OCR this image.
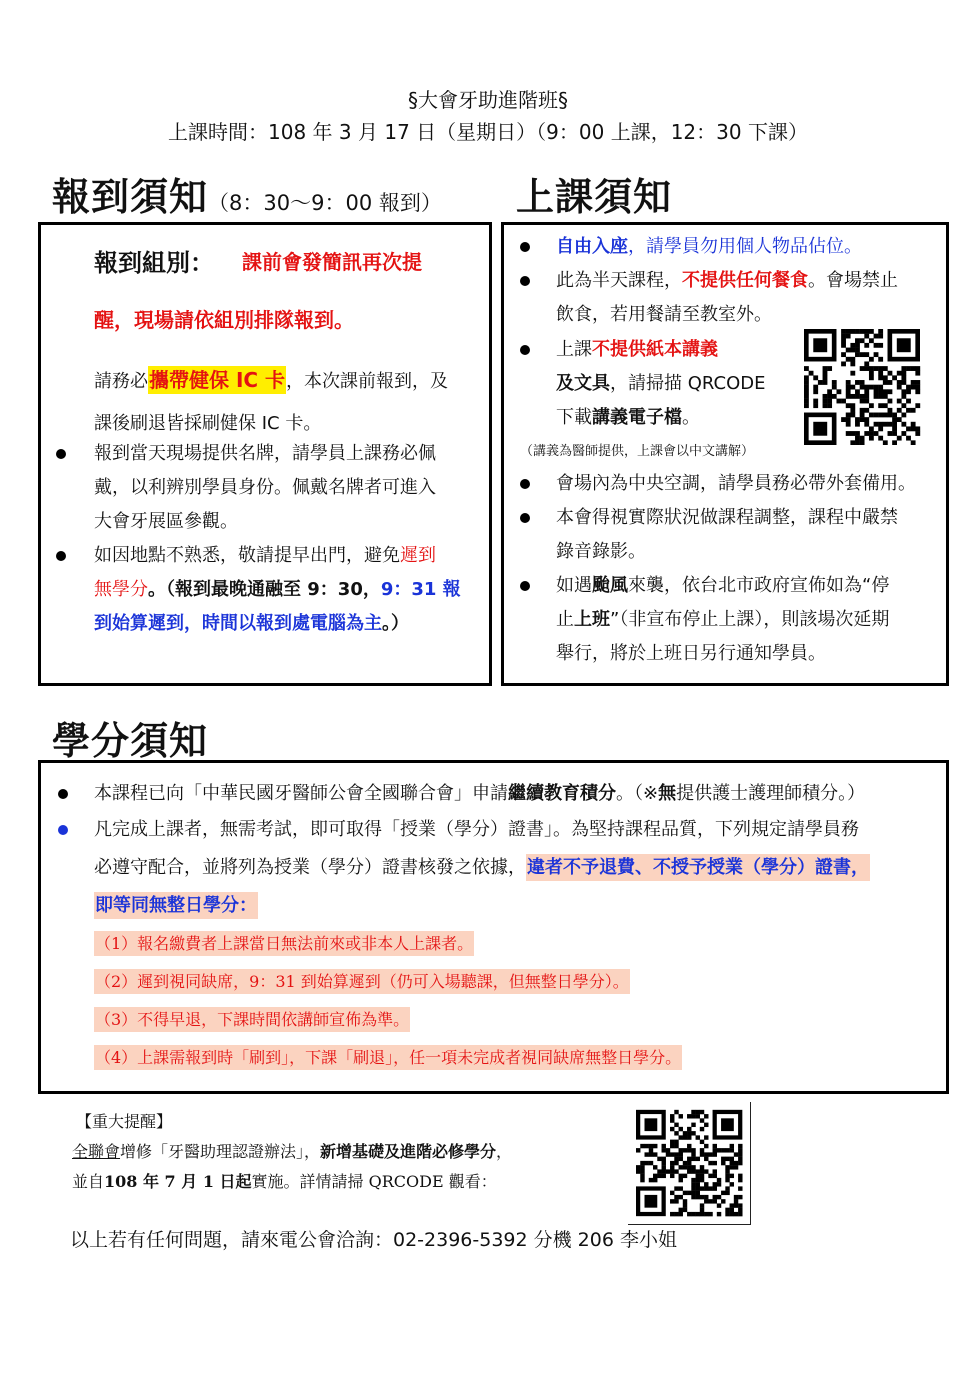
§大會牙助進階班§
上課時間：108 年 3 月 17 日（星期日）（9：00 上課，12：30 下課）
報到須知（8：30〜9：00 報到） 上課須知
報到組別： 課前會發簡訊再次提
醒，現場請依組別排隊報到。
請務必攜帶健保 IC 卡，本次課前報到，及
課後刷退皆採刷健保 IC 卡。
報到當天現場提供名牌，請學員上課務必佩
戴，以利辨別學員身份。佩戴名牌者可進入
大會牙展區參觀。
如因地點不熟悉，敬請提早出門，避免遲到
無學分。（報到最晚通融至 9：30，9：31 報
到始算遲到，時間以報到處電腦為主。）
自由入座，請學員勿用個人物品佔位。
此為半天課程，不提供任何餐食。會場禁止
飲食，若用餐請至教室外。
上課不提供紙本講義
及文具，請掃描 QRCODE
下載講義電子檔。
（講義為醫師提供，上課會以中文講解）
會場內為中央空調，請學員務必帶外套備用。
本會得視實際狀況做課程調整，課程中嚴禁
錄音錄影。
如遇颱風來襲，依台北市政府宣佈如為“停
止上班”（非宣布停止上課），則該場次延期
舉行，將於上班日另行通知學員。
學分須知
本課程已向「中華民國牙醫師公會全國聯合會」申請繼續教育積分。（※無提供護士護理師積分。）
凡完成上課者，無需考試，即可取得「授業（學分）證書」。為堅持課程品質，下列規定請學員務
必遵守配合，並將列為授業（學分）證書核發之依據，違者不予退費、不授予授業（學分）證書，
即等同無整日學分：
（1）報名繳費者上課當日無法前來或非本人上課者。
（2）遲到視同缺席，9：31 到始算遲到（仍可入場聽課，但無整日學分）。
（3）不得早退，下課時間依講師宣佈為準。
（4）上課需報到時「刷到」，下課「刷退」，任一項未完成者視同缺席無整日學分。
【重大提醒】
全聯會增修「牙醫助理認證辦法」，新增基礎及進階必修學分，
並自108 年 7 月 1 日起實施。詳情請掃 QRCODE 觀看：
以上若有任何問題，請來電公會洽詢：02-2396-5392 分機 206 李小姐
